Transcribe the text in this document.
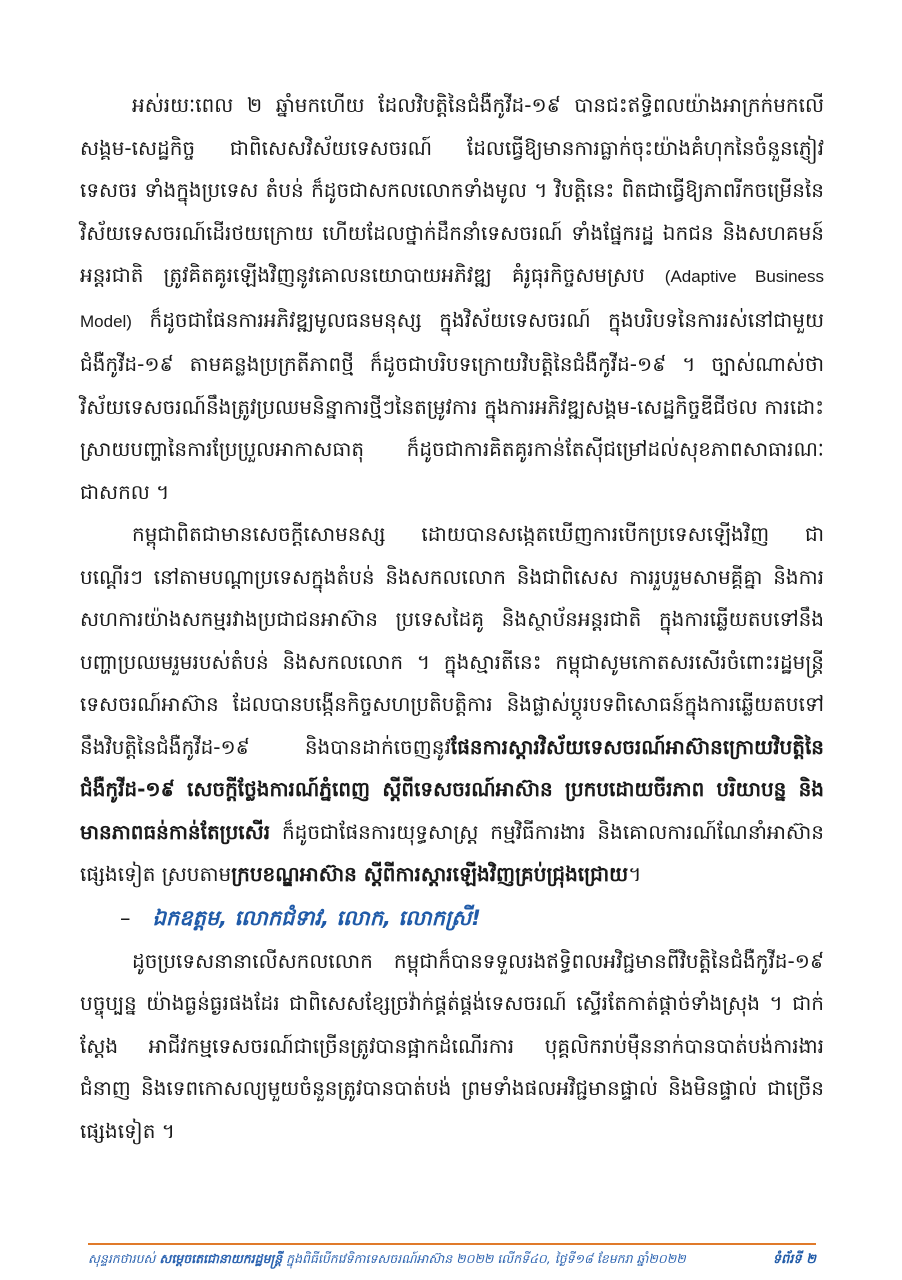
អស់រយៈពេល ២ ឆ្នាំមកហើយ ដែលវិបត្តិនៃជំងឺកូវីដ-១៩ បានជះឥទ្ធិពលយ៉ាងអាក្រក់មកលើសង្គម-សេដ្ឋកិច្ច ជាពិសេសវិស័យទេសចរណ៍ ដែលធ្វើឱ្យមានការធ្លាក់ចុះយ៉ាងគំហុកនៃចំនួនភ្ញៀវទេសចរ ទាំងក្នុងប្រទេស តំបន់ ក៏ដូចជាសកលលោកទាំងមូល ។ វិបត្តិនេះ ពិតជាធ្វើឱ្យភាពរីកចម្រើននៃវិស័យទេសចរណ៍ដើរថយក្រោយ ហើយដែលថ្នាក់ដឹកនាំទេសចរណ៍ ទាំងផ្នែករដ្ឋ ឯកជន និងសហគមន៍អន្តរជាតិ ត្រូវគិតគូរឡើងវិញនូវគោលនយោបាយអភិវឌ្ឍ គំរូធុរកិច្ចសមស្រប (Adaptive Business Model) ក៏ដូចជាផែនការអភិវឌ្ឍមូលធនមនុស្ស ក្នុងវិស័យទេសចរណ៍ ក្នុងបរិបទនៃការរស់នៅជាមួយជំងឺកូវីដ-១៩ តាមគន្លងប្រក្រតីភាពថ្មី ក៏ដូចជាបរិបទក្រោយវិបត្តិនៃជំងឺកូវីដ-១៩ ។ ច្បាស់ណាស់ថា វិស័យទេសចរណ៍នឹងត្រូវប្រឈមនិន្នាការថ្មីៗនៃតម្រូវការ ក្នុងការអភិវឌ្ឍសង្គម-សេដ្ឋកិច្ចឌីជីថល ការដោះស្រាយបញ្ហានៃការប្រែប្រួលអាកាសធាតុ ក៏ដូចជាការគិតគូរកាន់តែស៊ីជម្រៅដល់សុខភាពសាធារណៈជាសកល ។

កម្ពុជាពិតជាមានសេចក្តីសោមនស្ស ដោយបានសង្កេតឃើញការបើកប្រទេសឡើងវិញ ជាបណ្តើរៗ នៅតាមបណ្តាប្រទេសក្នុងតំបន់ និងសកលលោក និងជាពិសេស ការរួបរួមសាមគ្គីគ្នា និងការសហការយ៉ាងសកម្មរវាងប្រជាជនអាស៊ាន ប្រទេសដៃគូ និងស្ថាប័នអន្តរជាតិ ក្នុងការឆ្លើយតបទៅនឹងបញ្ហាប្រឈមរួមរបស់តំបន់ និងសកលលោក ។ ក្នុងស្មារតីនេះ កម្ពុជាសូមកោតសរសើរចំពោះរដ្ឋមន្ត្រីទេសចរណ៍អាស៊ាន ដែលបានបង្កើនកិច្ចសហប្រតិបត្តិការ និងផ្លាស់ប្តូរបទពិសោធន៍ក្នុងការឆ្លើយតបទៅនឹងវិបត្តិនៃជំងឺកូវីដ-១៩ និងបានដាក់ចេញនូវផែនការស្តារវិស័យទេសចរណ៍អាស៊ានក្រោយវិបត្តិនៃជំងឺកូវីដ-១៩ សេចក្តីថ្លែងការណ៍ភ្នំពេញ ស្តីពីទេសចរណ៍អាស៊ាន ប្រកបដោយចីរភាព បរិយាបន្ន និងមានភាពធន់កាន់តែប្រសើរ ក៏ដូចជាផែនការយុទ្ធសាស្ត្រ កម្មវិធីការងារ និងគោលការណ៍ណែនាំអាស៊ានផ្សេងទៀត ស្របតាមក្របខណ្ឌអាស៊ាន ស្តីពីការស្តារឡើងវិញគ្រប់ជ្រុងជ្រោយ។

– ឯកឧត្តម, លោកជំទាវ, លោក, លោកស្រី!

ដូចប្រទេសនានាលើសកលលោក កម្ពុជាក៏បានទទួលរងឥទ្ធិពលអវិជ្ជមានពីវិបត្តិនៃជំងឺកូវីដ-១៩ បច្ចុប្បន្ន យ៉ាងធ្ងន់ធ្ងរផងដែរ ជាពិសេសខ្សែច្រវ៉ាក់ផ្គត់ផ្គង់ទេសចរណ៍ ស្ទើរតែកាត់ផ្តាច់ទាំងស្រុង ។ ជាក់ស្តែង អាជីវកម្មទេសចរណ៍ជាច្រើនត្រូវបានផ្អាកដំណើរការ បុគ្គលិករាប់ម៉ឺននាក់បានបាត់បង់ការងារ ជំនាញ និងទេពកោសល្យមួយចំនួនត្រូវបានបាត់បង់ ព្រមទាំងផលអវិជ្ជមានផ្ទាល់ និងមិនផ្ទាល់ ជាច្រើនផ្សេងទៀត ។

សុន្ទរកថារបស់ សម្តេចតេជោនាយករដ្ឋមន្ត្រី ក្នុងពិធីបើកវេទិកាទេសចរណ៍អាស៊ាន ២០២២ លើកទី៤០, ថ្ងៃទី១៨ ខែមករា ឆ្នាំ២០២២	ទំព័រទី ២
